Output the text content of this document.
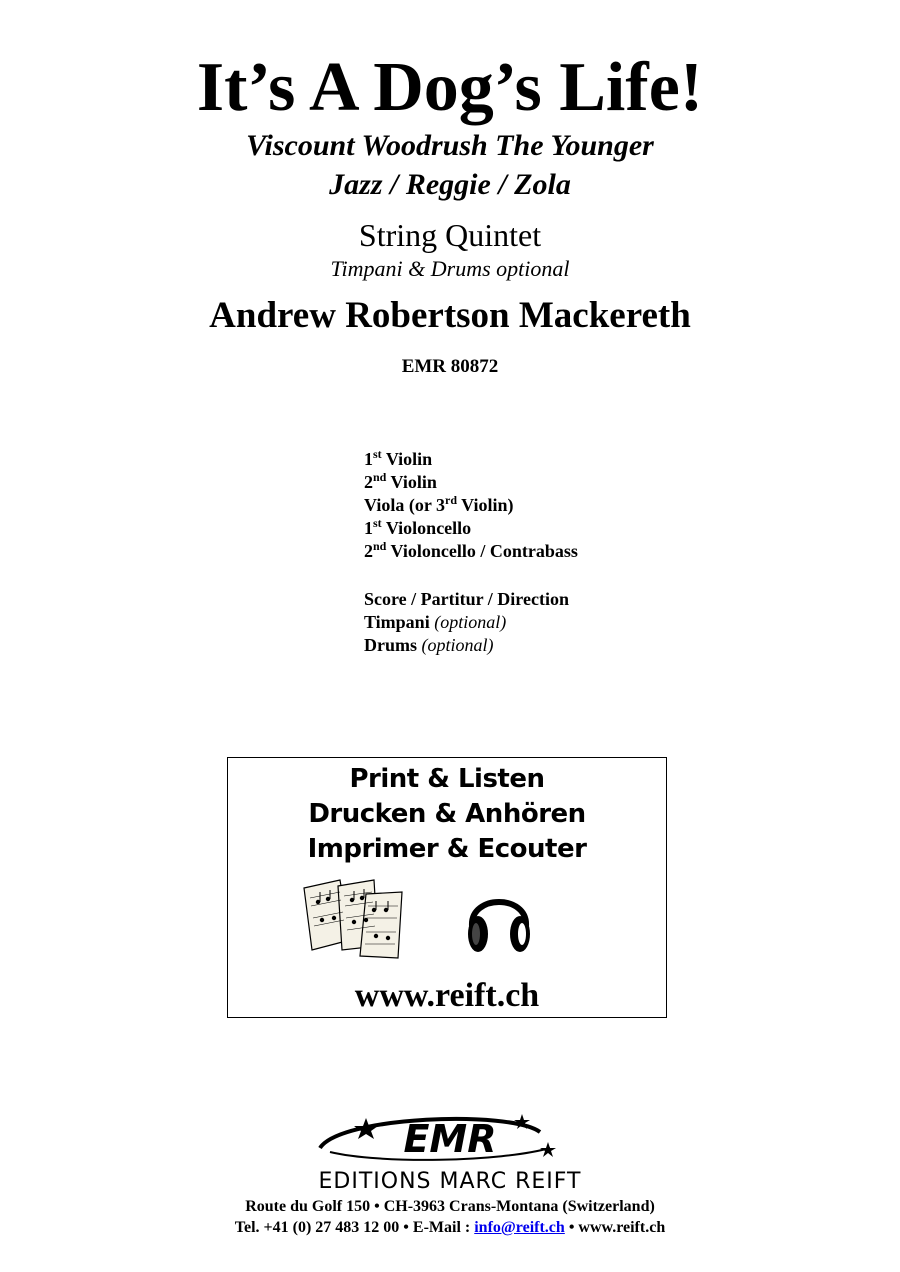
It’s A Dog’s Life!
Viscount Woodrush The Younger
Jazz / Reggie / Zola
String Quintet
Timpani & Drums optional
Andrew Robertson Mackereth
EMR 80872
1st Violin
2nd Violin
Viola (or 3rd Violin)
1st Violoncello
2nd Violoncello / Contrabass
Score / Partitur / Direction
Timpani (optional)
Drums (optional)
Print & Listen
Drucken & Anhören
Imprimer & Ecouter
www.reift.ch
EMR
EDITIONS MARC REIFT
Route du Golf 150 • CH-3963 Crans-Montana (Switzerland)
Tel. +41 (0) 27 483 12 00 • E-Mail : info@reift.ch • www.reift.ch
